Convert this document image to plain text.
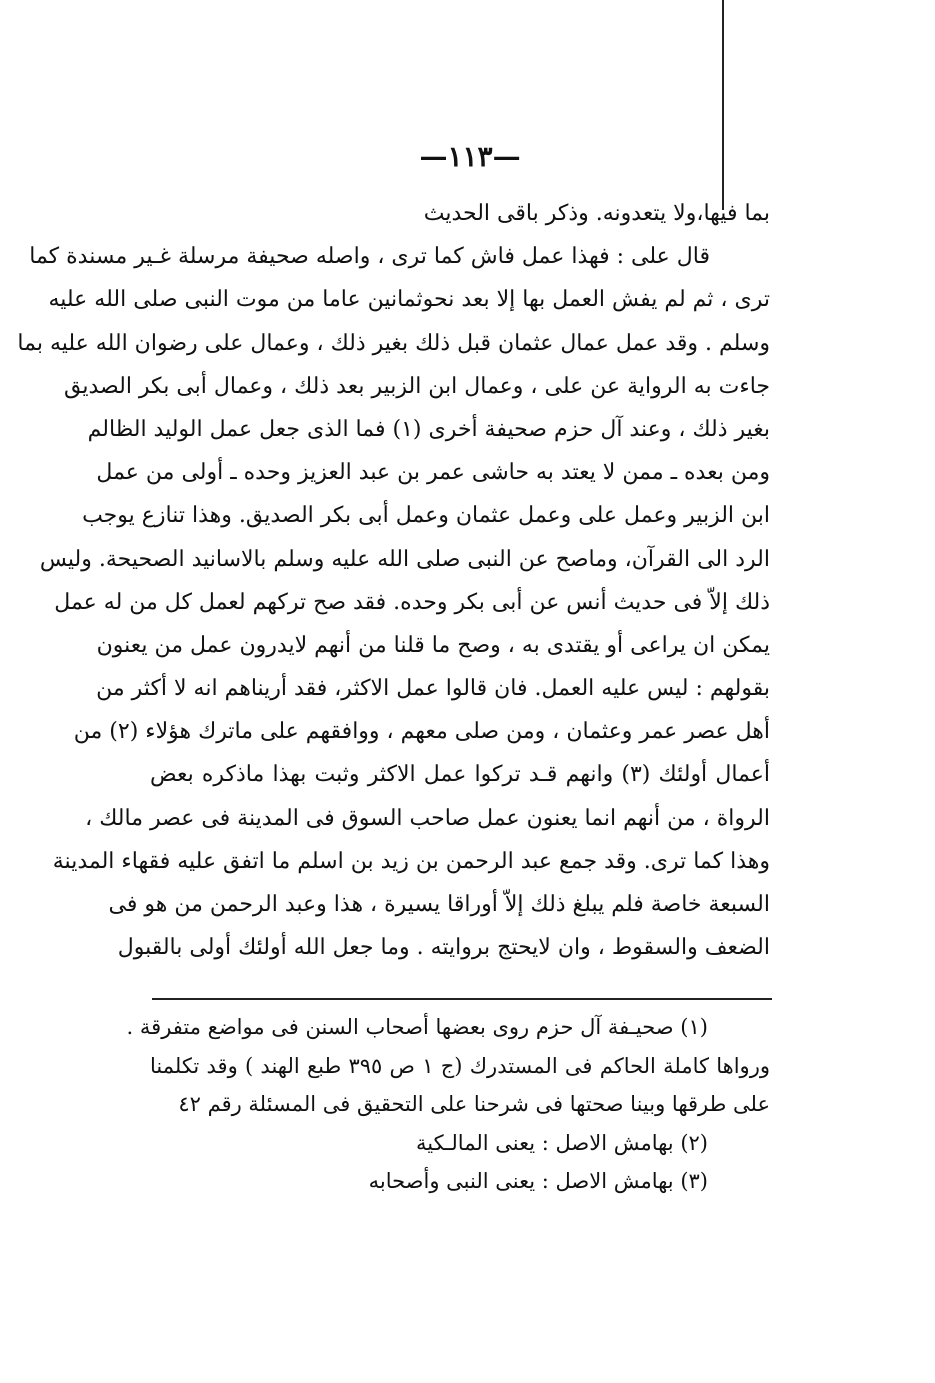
—١١٣—
بما فيها،ولا يتعدونه. وذكر باقى الحديث
قال على : فهذا عمل فاش كما ترى ، واصله صحيفة مرسلة غـير مسندة كما
ترى ، ثم لم يفش العمل بها إلا بعد نحوثمانين عاما من موت النبى صلى الله عليه
وسلم . وقد عمل عمال عثمان قبل ذلك بغير ذلك ، وعمال على رضوان الله عليه بما
جاءت به الرواية عن على ، وعمال ابن الزبير بعد ذلك ، وعمال أبى بكر الصديق
بغير ذلك ، وعند آل حزم صحيفة أخرى (١) فما الذى جعل عمل الوليد الظالم
ومن بعده ـ ممن لا يعتد به حاشى عمر بن عبد العزيز وحده ـ أولى من عمل
ابن الزبير وعمل على وعمل عثمان وعمل أبى بكر الصديق. وهذا تنازع يوجب
الرد الى القرآن، وماصح عن النبى صلى الله عليه وسلم بالاسانيد الصحيحة. وليس
ذلك إلاّ فى حديث أنس عن أبى بكر وحده. فقد صح تركهم لعمل كل من له عمل
يمكن ان يراعى أو يقتدى به ، وصح ما قلنا من أنهم لايدرون عمل من يعنون
بقولهم : ليس عليه العمل. فان قالوا عمل الاكثر، فقد أريناهم انه لا أكثر من
أهل عصر عمر وعثمان ، ومن صلى معهم ، ووافقهم على ماترك هؤلاء (٢) من
أعمال أولئك (٣) وانهم قـد تركوا عمل الاكثر وثبت بهذا ماذكره بعض
الرواة ، من أنهم انما يعنون عمل صاحب السوق فى المدينة فى عصر مالك ،
وهذا كما ترى. وقد جمع عبد الرحمن بن زيد بن اسلم ما اتفق عليه فقهاء المدينة
السبعة خاصة فلم يبلغ ذلك إلاّ أوراقا يسيرة ، هذا وعبد الرحمن من هو فى
الضعف والسقوط ، وان لايحتج بروايته . وما جعل الله أولئك أولى بالقبول
(١) صحيـفة آل حزم روى بعضها أصحاب السنن فى مواضع متفرقة .
ورواها كاملة الحاكم فى المستدرك (ج ١ ص ٣٩٥ طبع الهند ) وقد تكلمنا
على طرقها وبينا صحتها فى شرحنا على التحقيق فى المسئلة رقم ٤٢
(٢) بهامش الاصل : يعنى المالـكية
(٣) بهامش الاصل : يعنى النبى وأصحابه
